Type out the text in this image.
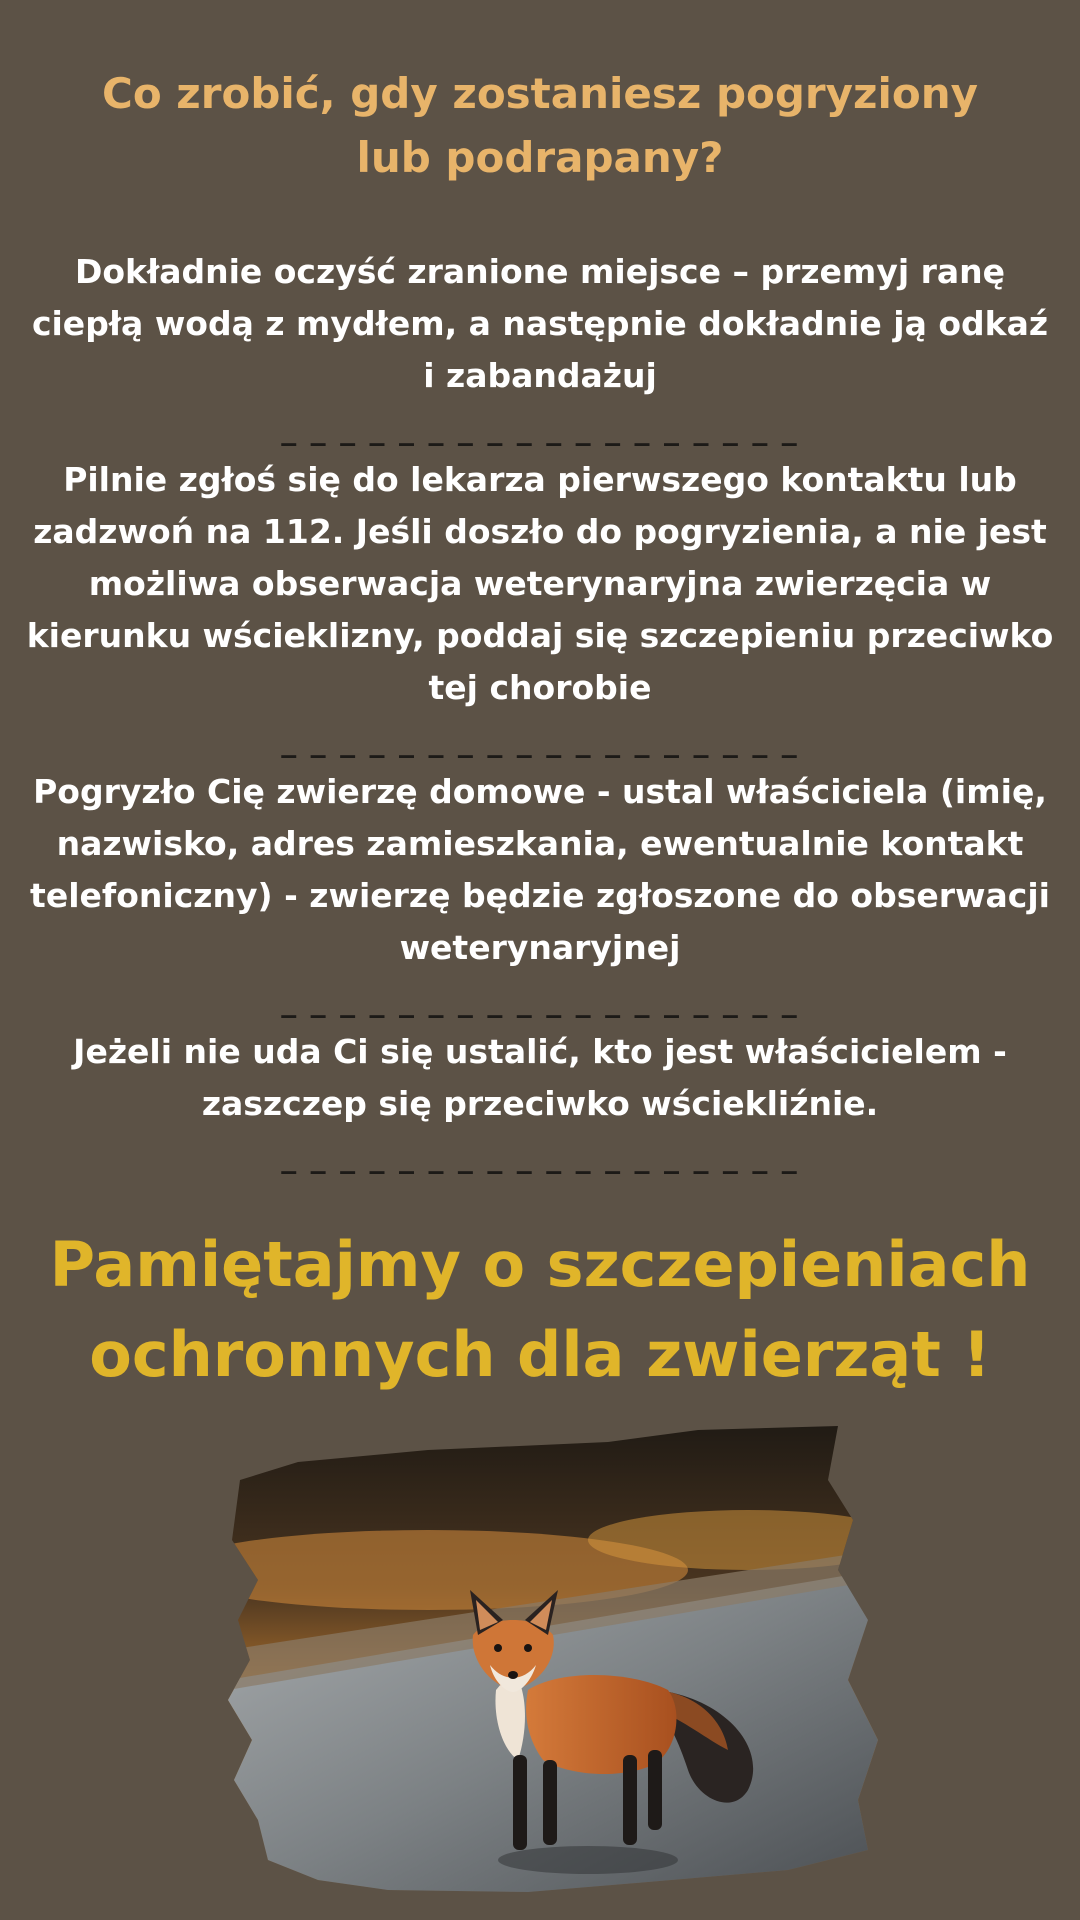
Co zrobić, gdy zostaniesz pogryziony
lub podrapany?

Dokładnie oczyść zranione miejsce – przemyj ranę
ciepłą wodą z mydłem, a następnie dokładnie ją odkaź
i zabandażuj

_ _ _ _ _ _ _ _ _ _ _ _ _ _ _ _ _ _

Pilnie zgłoś się do lekarza pierwszego kontaktu lub
zadzwoń na 112. Jeśli doszło do pogryzienia, a nie jest
możliwa obserwacja weterynaryjna zwierzęcia w
kierunku wścieklizny, poddaj się szczepieniu przeciwko
tej chorobie

_ _ _ _ _ _ _ _ _ _ _ _ _ _ _ _ _ _

Pogryzło Cię zwierzę domowe - ustal właściciela (imię,
nazwisko, adres zamieszkania, ewentualnie kontakt
telefoniczny) - zwierzę będzie zgłoszone do obserwacji
weterynaryjnej

_ _ _ _ _ _ _ _ _ _ _ _ _ _ _ _ _ _

Jeżeli nie uda Ci się ustalić, kto jest właścicielem -
zaszczep się przeciwko wściekliźnie.

_ _ _ _ _ _ _ _ _ _ _ _ _ _ _ _ _ _
Pamiętajmy o szczepieniach
ochronnych dla zwierząt !
